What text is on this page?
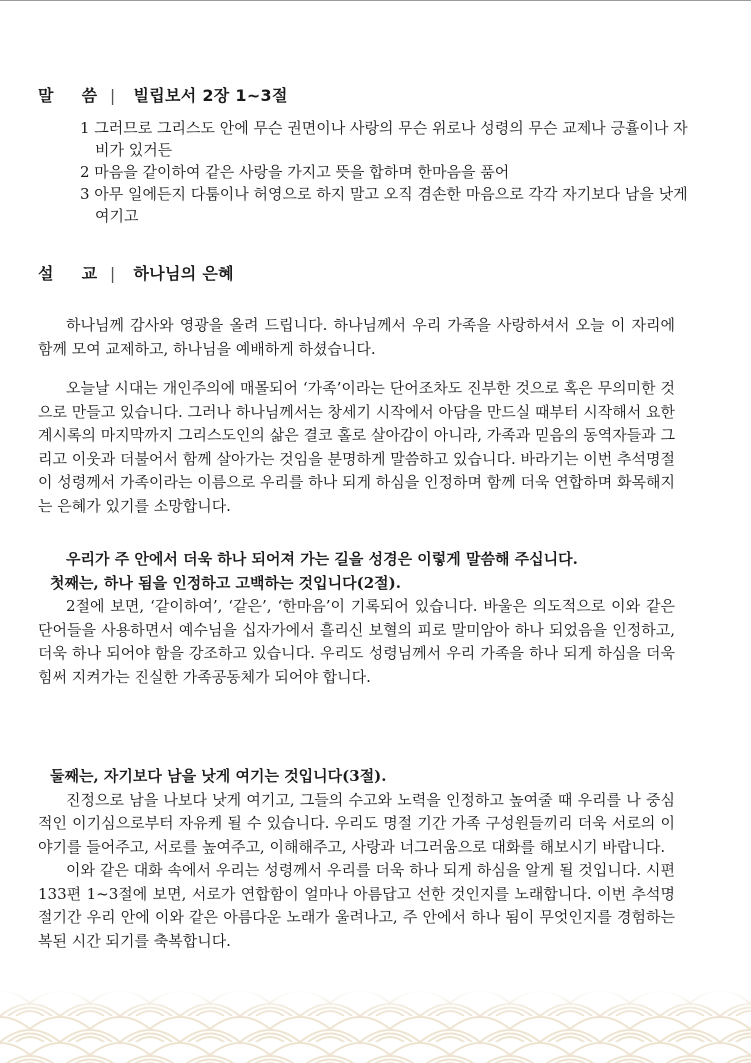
말 씀 | 빌립보서 2장 1~3절
1 그러므로 그리스도 안에 무슨 권면이나 사랑의 무슨 위로나 성령의 무슨 교제나 긍휼이나 자비가 있거든
2 마음을 같이하여 같은 사랑을 가지고 뜻을 합하며 한마음을 품어
3 아무 일에든지 다툼이나 허영으로 하지 말고 오직 겸손한 마음으로 각각 자기보다 남을 낫게 여기고
설 교 | 하나님의 은혜

하나님께 감사와 영광을 올려 드립니다. 하나님께서 우리 가족을 사랑하셔서 오늘 이 자리에 함께 모여 교제하고, 하나님을 예배하게 하셨습니다.

오늘날 시대는 개인주의에 매몰되어 ‘가족’이라는 단어조차도 진부한 것으로 혹은 무의미한 것으로 만들고 있습니다. 그러나 하나님께서는 창세기 시작에서 아담을 만드실 때부터 시작해서 요한계시록의 마지막까지 그리스도인의 삶은 결코 홀로 살아감이 아니라, 가족과 믿음의 동역자들과 그리고 이웃과 더불어서 함께 살아가는 것임을 분명하게 말씀하고 있습니다. 바라기는 이번 추석명절이 성령께서 가족이라는 이름으로 우리를 하나 되게 하심을 인정하며 함께 더욱 연합하며 화목해지는 은혜가 있기를 소망합니다.

우리가 주 안에서 더욱 하나 되어져 가는 길을 성경은 이렇게 말씀해 주십니다.

첫째는, 하나 됨을 인정하고 고백하는 것입니다(2절).

2절에 보면, ‘같이하여’, ‘같은’, ‘한마음’이 기록되어 있습니다. 바울은 의도적으로 이와 같은 단어들을 사용하면서 예수님을 십자가에서 흘리신 보혈의 피로 말미암아 하나 되었음을 인정하고, 더욱 하나 되어야 함을 강조하고 있습니다. 우리도 성령님께서 우리 가족을 하나 되게 하심을 더욱 힘써 지켜가는 진실한 가족공동체가 되어야 합니다.

둘째는, 자기보다 남을 낫게 여기는 것입니다(3절).

진정으로 남을 나보다 낫게 여기고, 그들의 수고와 노력을 인정하고 높여줄 때 우리를 나 중심적인 이기심으로부터 자유케 될 수 있습니다. 우리도 명절 기간 가족 구성원들끼리 더욱 서로의 이야기를 들어주고, 서로를 높여주고, 이해해주고, 사랑과 너그러움으로 대화를 해보시기 바랍니다.

이와 같은 대화 속에서 우리는 성령께서 우리를 더욱 하나 되게 하심을 알게 될 것입니다. 시편 133편 1~3절에 보면, 서로가 연합함이 얼마나 아름답고 선한 것인지를 노래합니다. 이번 추석명절기간 우리 안에 이와 같은 아름다운 노래가 울려나고, 주 안에서 하나 됨이 무엇인지를 경험하는 복된 시간 되기를 축복합니다.
